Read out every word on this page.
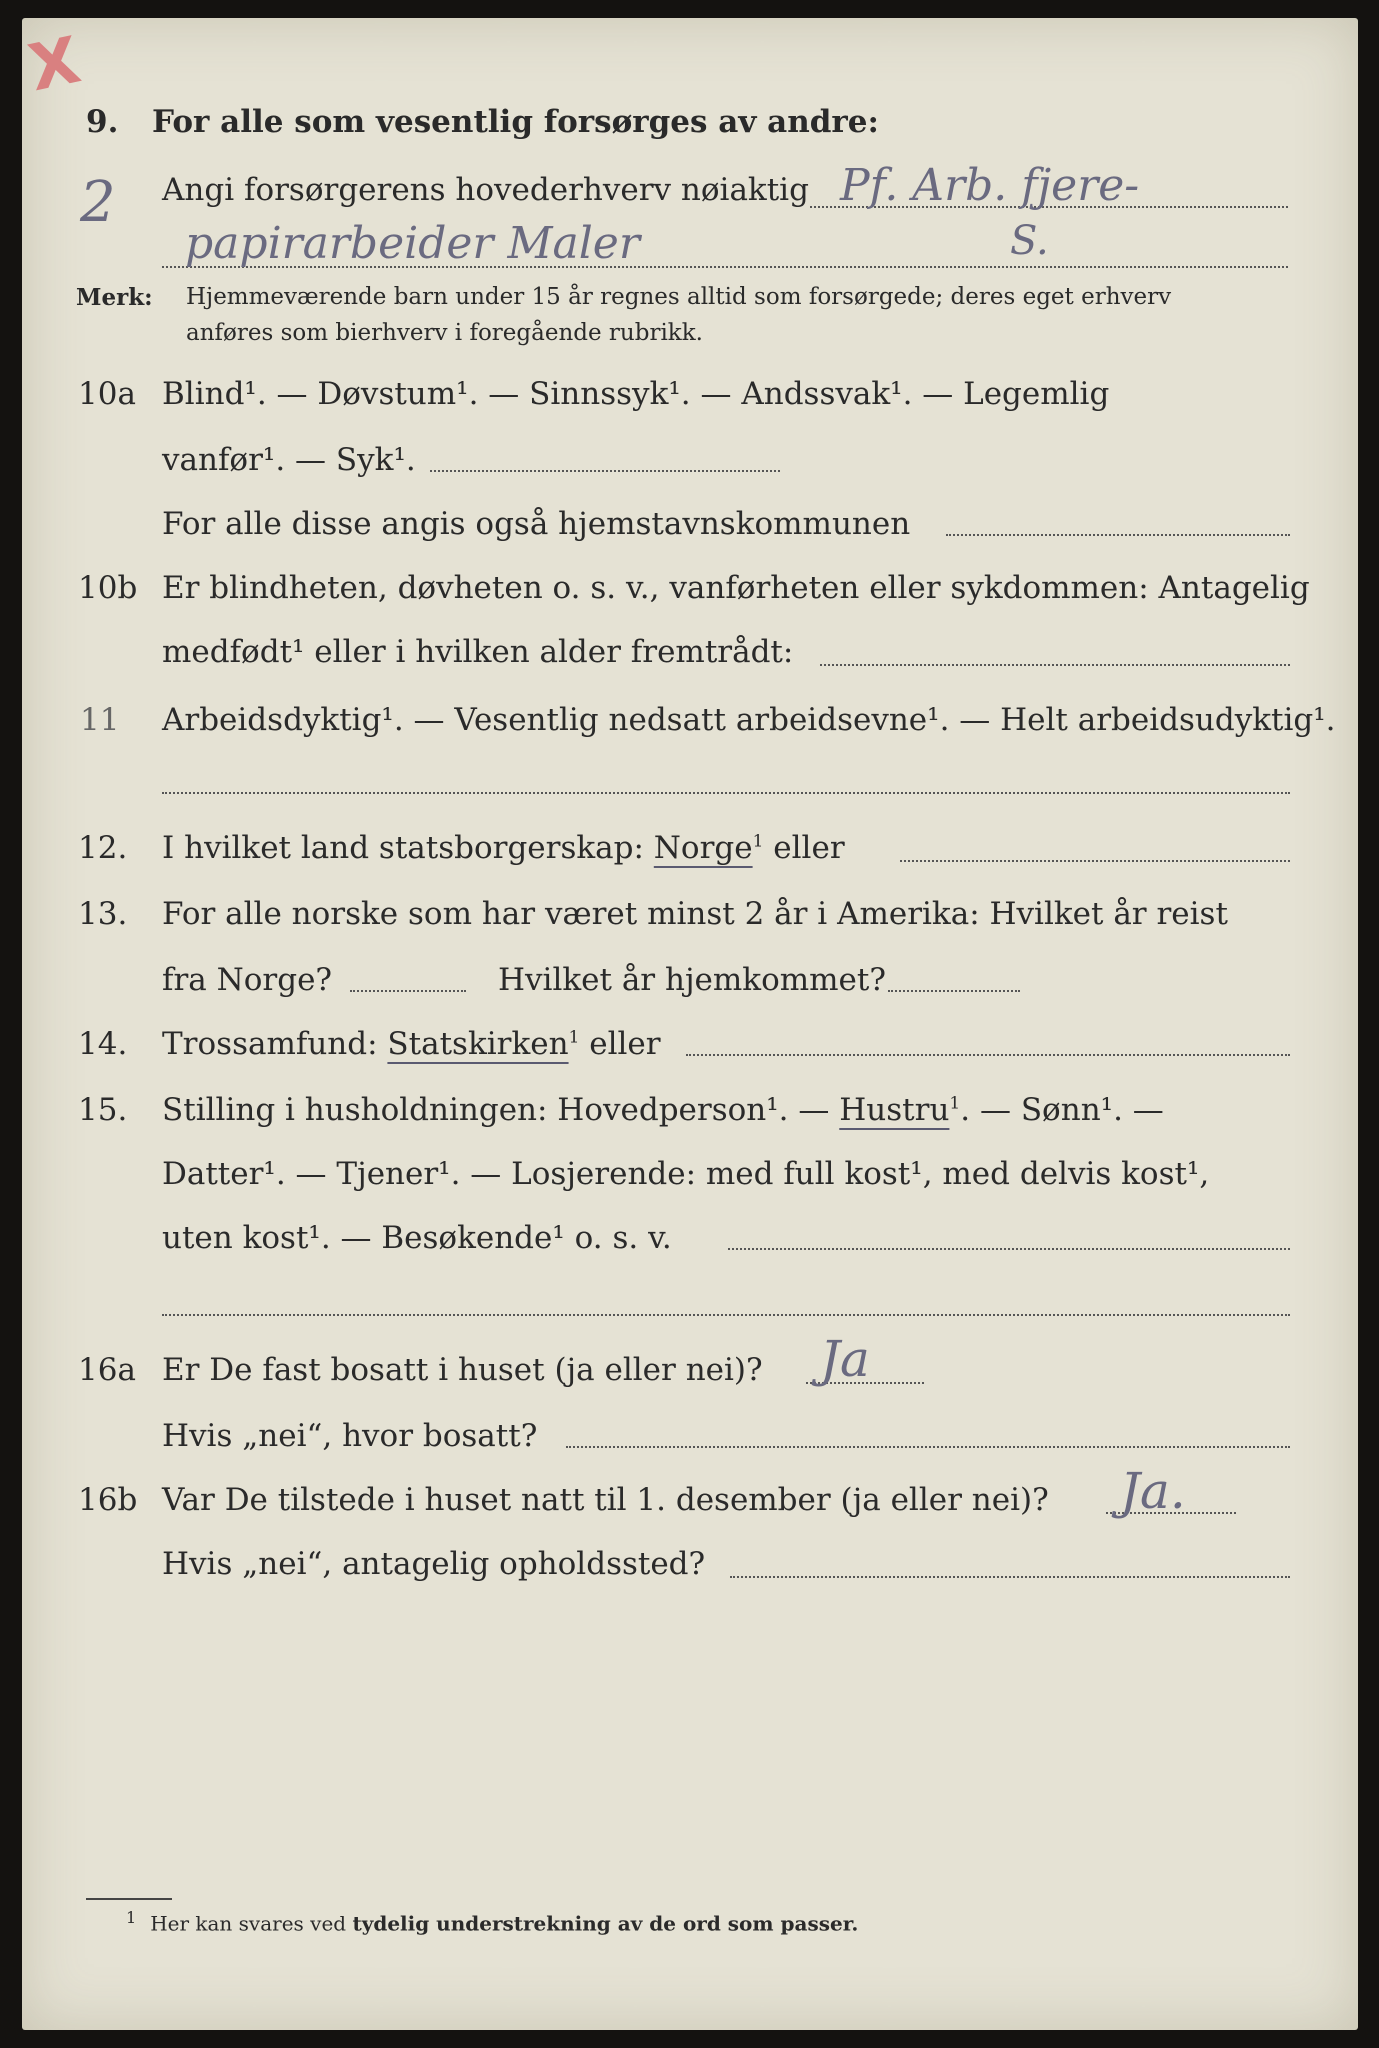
X
2
9. For alle som vesentlig forsørges av andre:
Angi forsørgerens hovederhverv nøiaktig Pf. Arb. fjere-
papirarbeider Maler	S.
Merk: Hjemmeværende barn under 15 år regnes alltid som forsørgede; deres eget erhverv
anføres som bierhverv i foregående rubrikk.
10a Blind¹. — Døvstum¹. — Sinnssyk¹. — Andssvak¹. — Legemlig
vanfør¹. — Syk¹.
For alle disse angis også hjemstavnskommunen
10b Er blindheten, døvheten o. s. v., vanførheten eller sykdommen: Antagelig
medfødt¹ eller i hvilken alder fremtrådt:
11 Arbeidsdyktig¹. — Vesentlig nedsatt arbeidsevne¹. — Helt arbeidsudyktig¹.
12. I hvilket land statsborgerskap: Norge$^1$ eller
13. For alle norske som har været minst 2 år i Amerika: Hvilket år reist
fra Norge?	Hvilket år hjemkommet?
14. Trossamfund: Statskirken$^1$ eller
15. Stilling i husholdningen: Hovedperson¹. — Hustru$^1$. — Sønn¹. —
Datter¹. — Tjener¹. — Losjerende: med full kost¹, med delvis kost¹,
uten kost¹. — Besøkende¹ o. s. v.
16a Er De fast bosatt i huset (ja eller nei)? Ja
Hvis „nei“, hvor bosatt?
16b Var De tilstede i huset natt til 1. desember (ja eller nei)? Ja.
Hvis „nei“, antagelig opholdssted?
$^1$ Her kan svares ved tydelig understrekning av de ord som passer.
